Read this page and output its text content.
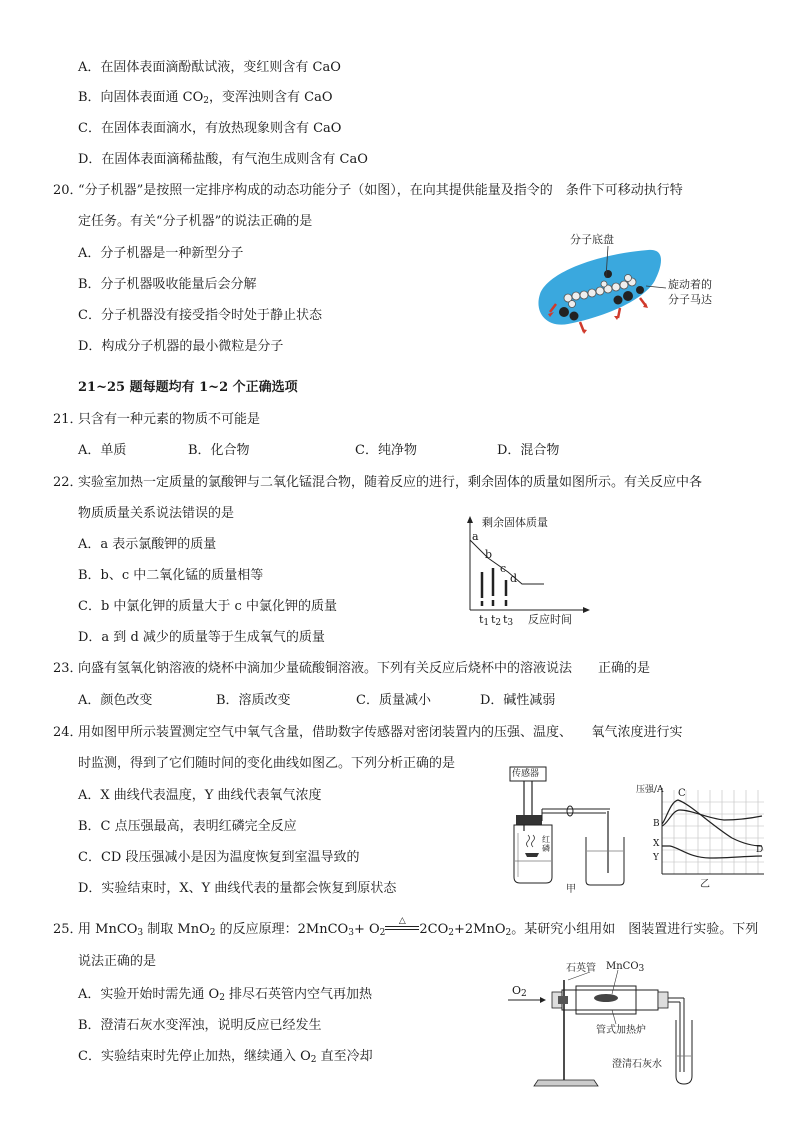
A．在固体表面滴酚酞试液，变红则含有 CaO
B．向固体表面通 $CO_2$，变浑浊则含有 CaO
C．在固体表面滴水，有放热现象则含有 CaO
D．在固体表面滴稀盐酸，有气泡生成则含有 CaO
20．
“分子机器”是按照一定排序构成的动态功能分子（如图），在向其提供能量及指令的　条件下可移动执行特
定任务。有关“分子机器”的说法正确的是
A．分子机器是一种新型分子
B．分子机器吸收能量后会分解
C．分子机器没有接受指令时处于静止状态
D．构成分子机器的最小微粒是分子
分子底盘
旋动着的
分子马达
21~25 题每题均有 1~2 个正确选项
21．
只含有一种元素的物质不可能是
A．单质	B．化合物	C．纯净物	D．混合物
22．
实验室加热一定质量的氯酸钾与二氧化锰混合物，随着反应的进行，剩余固体的质量如图所示。有关反应中各
物质质量关系说法错误的是
A．a 表示氯酸钾的质量
B．b、c 中二氧化锰的质量相等
C．b 中氯化钾的质量大于 c 中氯化钾的质量
D．a 到 d 减少的质量等于生成氧气的质量
剩余固体质量
a
b
c
d
$t_1$ $t_2$ $t_3$ 反应时间
23．
向盛有氢氧化钠溶液的烧杯中滴加少量硫酸铜溶液。下列有关反应后烧杯中的溶液说法　　正确的是
A．颜色改变	B．溶质改变	C．质量减小	D．碱性减弱
24．
用如图甲所示装置测定空气中氧气含量，借助数字传感器对密闭装置内的压强、温度、　　氧气浓度进行实
时监测，得到了它们随时间的变化曲线如图乙。下列分析正确的是
A．X 曲线代表温度，Y 曲线代表氧气浓度
B．C 点压强最高，表明红磷完全反应
C．CD 段压强减小是因为温度恢复到室温导致的
D．实验结束时，X、Y 曲线代表的量都会恢复到原状态
传感器
红磷
甲
压强/A C
B
X
Y
D
乙
25．
用 MnCO$_3$ 制取 MnO$_2$ 的反应原理：2MnCO$_3$+ $O_2$
△
$2CO_2+2MnO_2$。某研究小组用如　图装置进行实验。下列
说法正确的是
A．实验开始时需先通 $O_2$ 排尽石英管内空气再加热
B．澄清石灰水变浑浊，说明反应已经发生
C．实验结束时先停止加热，继续通入 $O_2$ 直至冷却
$O_2$
石英管 MnCO$_3$
管式加热炉
澄清石灰水
